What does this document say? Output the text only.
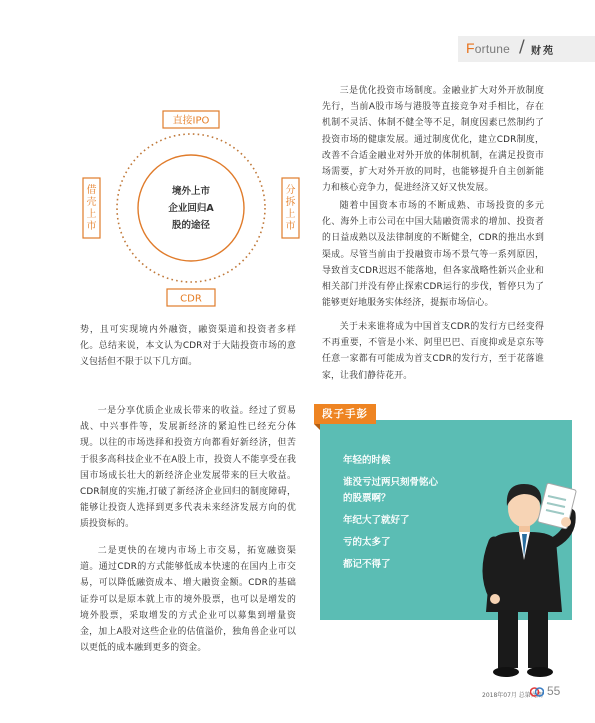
Fortune / 财苑
境外上市
企业回归A
股的途径
直接IPO
CDR
借壳上市
分拆上市

势，且可实现境内外融资，融资渠道和投资者多样化。总结来说，本文认为CDR对于大陆投资市场的意义包括但不限于以下几方面。

一是分享优质企业成长带来的收益。经过了贸易战、中兴事件等，发展新经济的紧迫性已经充分体现。以往的市场选择和投资方向都看好新经济，但苦于很多高科技企业不在A股上市，投资人不能享受在我国市场成长壮大的新经济企业发展带来的巨大收益。CDR制度的实施,打破了新经济企业回归的制度障碍，能够让投资人选择到更多代表未来经济发展方向的优质投资标的。

二是更快的在境内市场上市交易，拓宽融资渠道。通过CDR的方式能够低成本快速的在国内上市交易，可以降低融资成本、增大融资金额。CDR的基础证券可以是原本就上市的境外股票，也可以是增发的境外股票，采取增发的方式企业可以募集到增量资金，加上A股对这些企业的估值溢价，独角兽企业可以以更低的成本融到更多的资金。

三是优化投资市场制度。金融业扩大对外开放制度先行，当前A股市场与港股等直接竞争对手相比，存在机制不灵活、体制不健全等不足，制度因素已然制约了投资市场的健康发展。通过制度优化，建立CDR制度，改善不合适金融业对外开放的体制机制，在满足投资市场需要，扩大对外开放的同时，也能够提升自主创新能力和核心竞争力，促进经济又好又快发展。

随着中国资本市场的不断成熟、市场投资的多元化、海外上市公司在中国大陆融资需求的增加、投资者的日益成熟以及法律制度的不断健全，CDR的推出水到渠成。尽管当前由于投融资市场不景气等一系列原因，导致首支CDR迟迟不能落地，但各家战略性新兴企业和相关部门并没有停止探索CDR运行的步伐，暂停只为了能够更好地服务实体经济，提振市场信心。

关于未来谁将成为中国首支CDR的发行方已经变得不再重要，不管是小米、阿里巴巴、百度抑或是京东等任意一家都有可能成为首支CDR的发行方，至于花落谁家，让我们静待花开。

段子手彭
年轻的时候
谁没亏过两只刻骨铭心
的股票啊？
年纪大了就好了
亏的太多了
都记不得了
2018年07月 总第九期 55
